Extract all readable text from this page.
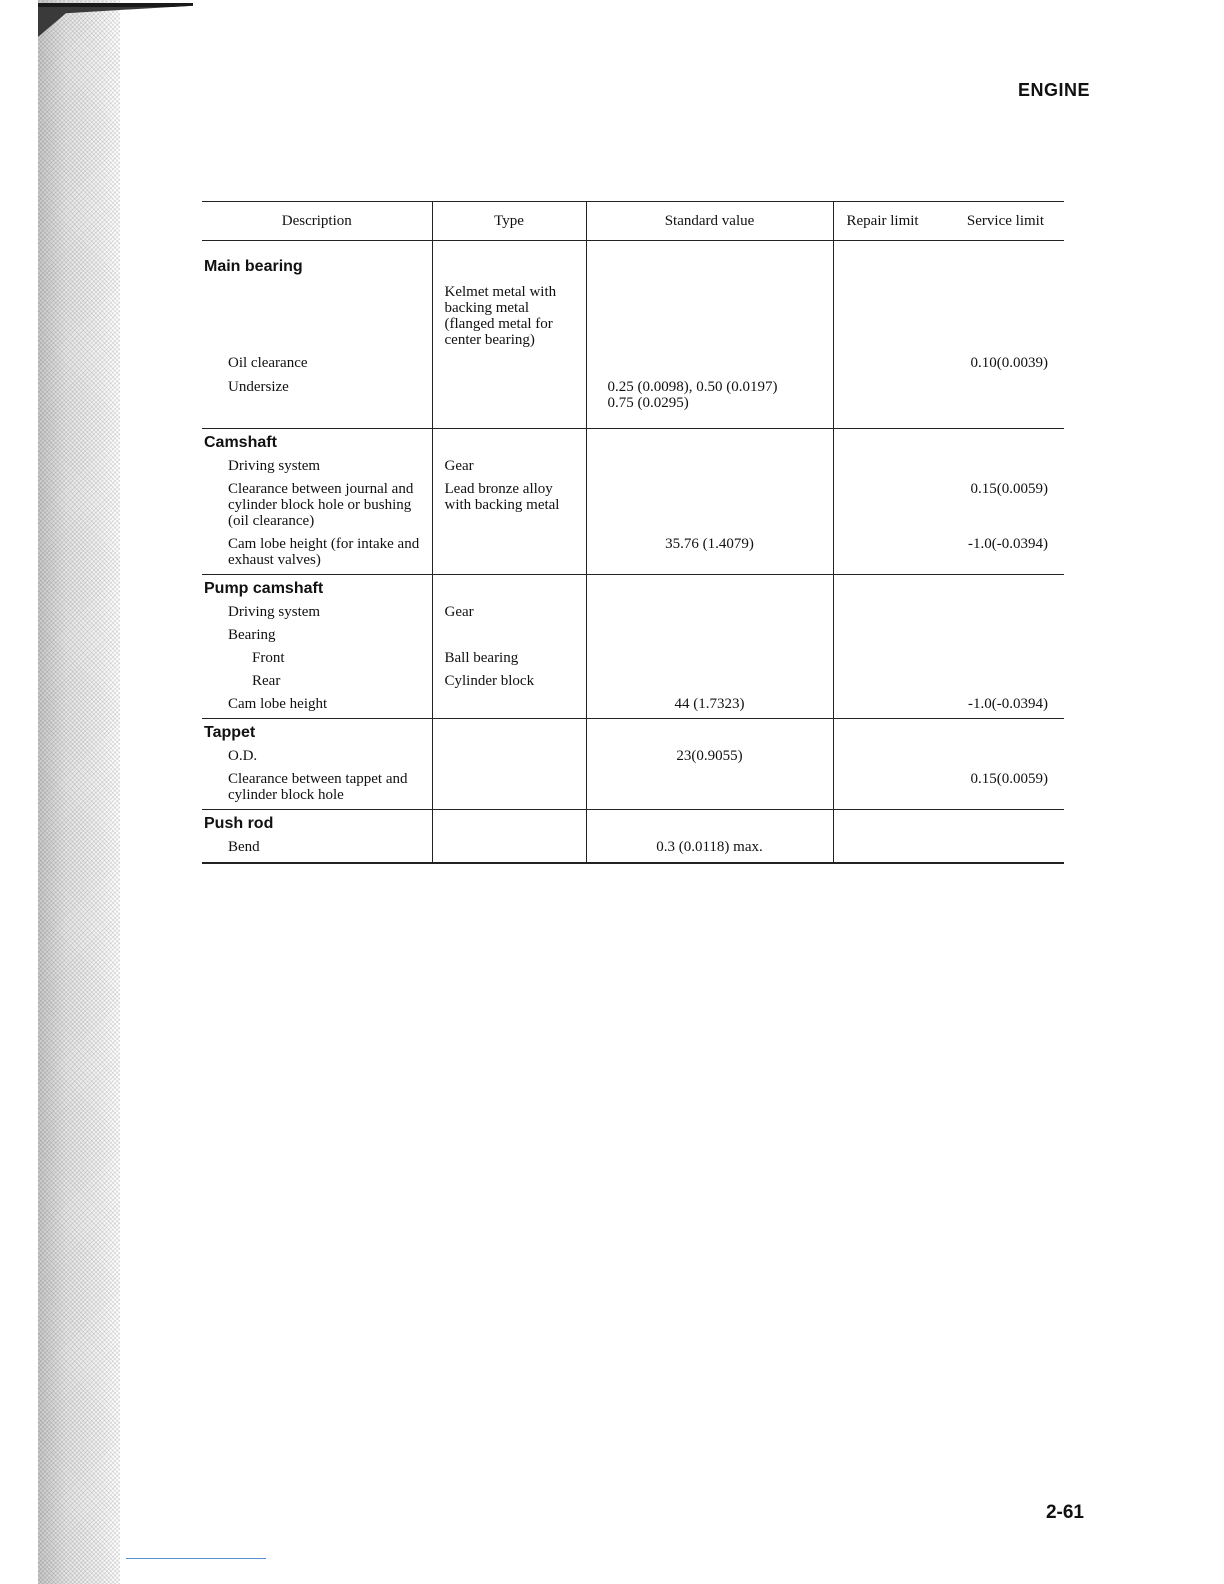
ENGINE
Description	Type	Standard value	Repair limit Service limit

Main bearing	Kelmet metal with backing metal (flanged metal for center bearing)		

Oil clearance			0.10(0.0039)

Undersize		0.25 (0.0098), 0.50 (0.0197)
0.75 (0.0295)	

Camshaft			

Driving system	Gear		

Clearance between journal and cylinder block hole or bushing (oil clearance)	Lead bronze alloy with backing metal		0.15(0.0059)

Cam lobe height (for intake and exhaust valves)		35.76 (1.4079)	-1.0(-0.0394)

Pump camshaft			

Driving system	Gear		

Bearing			

Front	Ball bearing		

Rear	Cylinder block		

Cam lobe height		44 (1.7323)	-1.0(-0.0394)

Tappet			

O.D.		23(0.9055)	

Clearance between tappet and cylinder block hole			0.15(0.0059)

Push rod			

Bend		0.3 (0.0118) max.	

2-61
